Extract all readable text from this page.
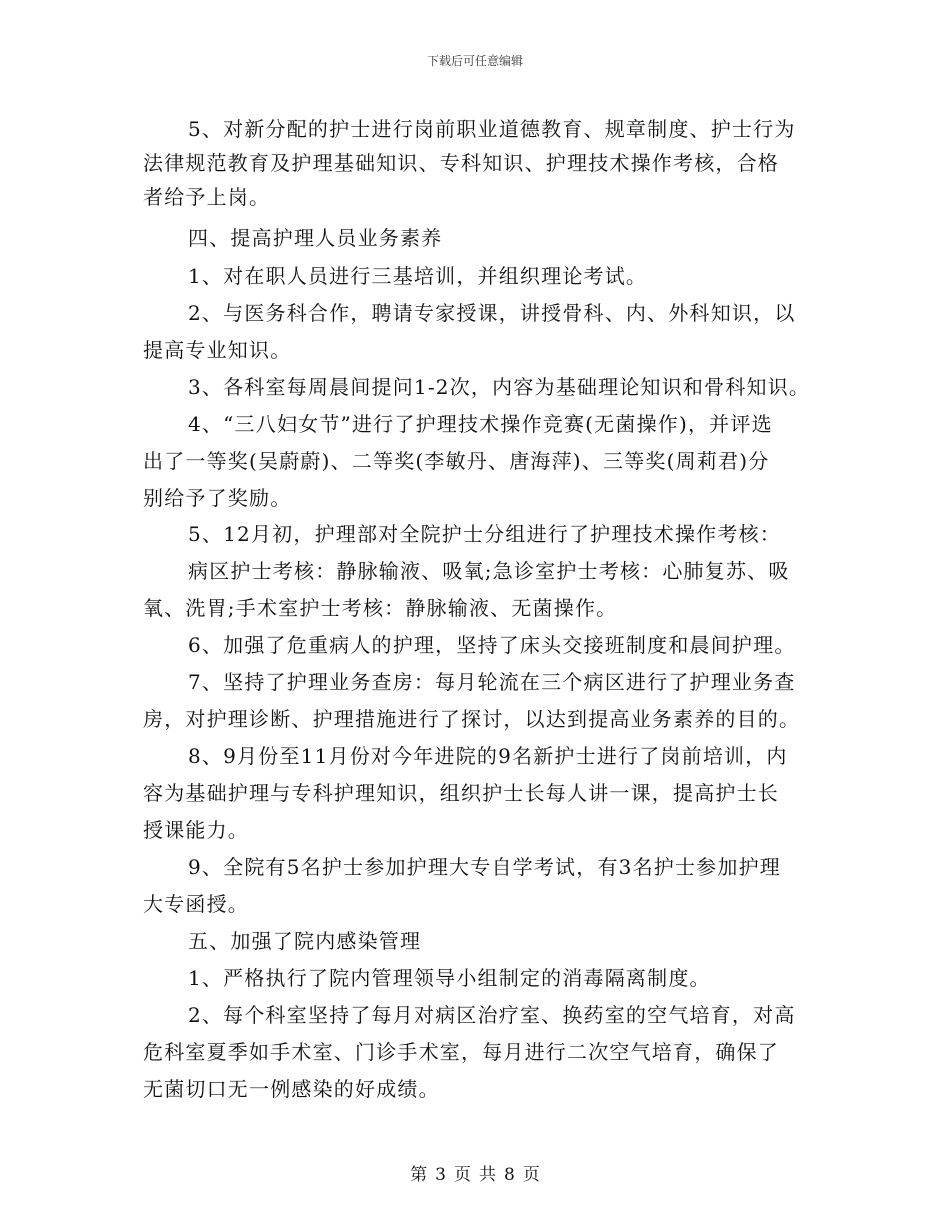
下载后可任意编辑
5、对新分配的护士进行岗前职业道德教育、规章制度、护士行为
法律规范教育及护理基础知识、专科知识、护理技术操作考核，合格
者给予上岗。
四、提高护理人员业务素养
1、对在职人员进行三基培训，并组织理论考试。
2、与医务科合作，聘请专家授课，讲授骨科、内、外科知识，以
提高专业知识。
3、各科室每周晨间提问1-2次，内容为基础理论知识和骨科知识。
4、“三八妇女节”进行了护理技术操作竞赛(无菌操作)，并评选
出了一等奖(吴蔚蔚)、二等奖(李敏丹、唐海萍)、三等奖(周莉君)分
别给予了奖励。
5、12月初，护理部对全院护士分组进行了护理技术操作考核：
病区护士考核：静脉输液、吸氧;急诊室护士考核：心肺复苏、吸
氧、洗胃;手术室护士考核：静脉输液、无菌操作。
6、加强了危重病人的护理，坚持了床头交接班制度和晨间护理。
7、坚持了护理业务查房：每月轮流在三个病区进行了护理业务查
房，对护理诊断、护理措施进行了探讨，以达到提高业务素养的目的。
8、9月份至11月份对今年进院的9名新护士进行了岗前培训，内
容为基础护理与专科护理知识，组织护士长每人讲一课，提高护士长
授课能力。
9、全院有5名护士参加护理大专自学考试，有3名护士参加护理
大专函授。
五、加强了院内感染管理
1、严格执行了院内管理领导小组制定的消毒隔离制度。
2、每个科室坚持了每月对病区治疗室、换药室的空气培育，对高
危科室夏季如手术室、门诊手术室，每月进行二次空气培育，确保了
无菌切口无一例感染的好成绩。
第 3 页 共 8 页
